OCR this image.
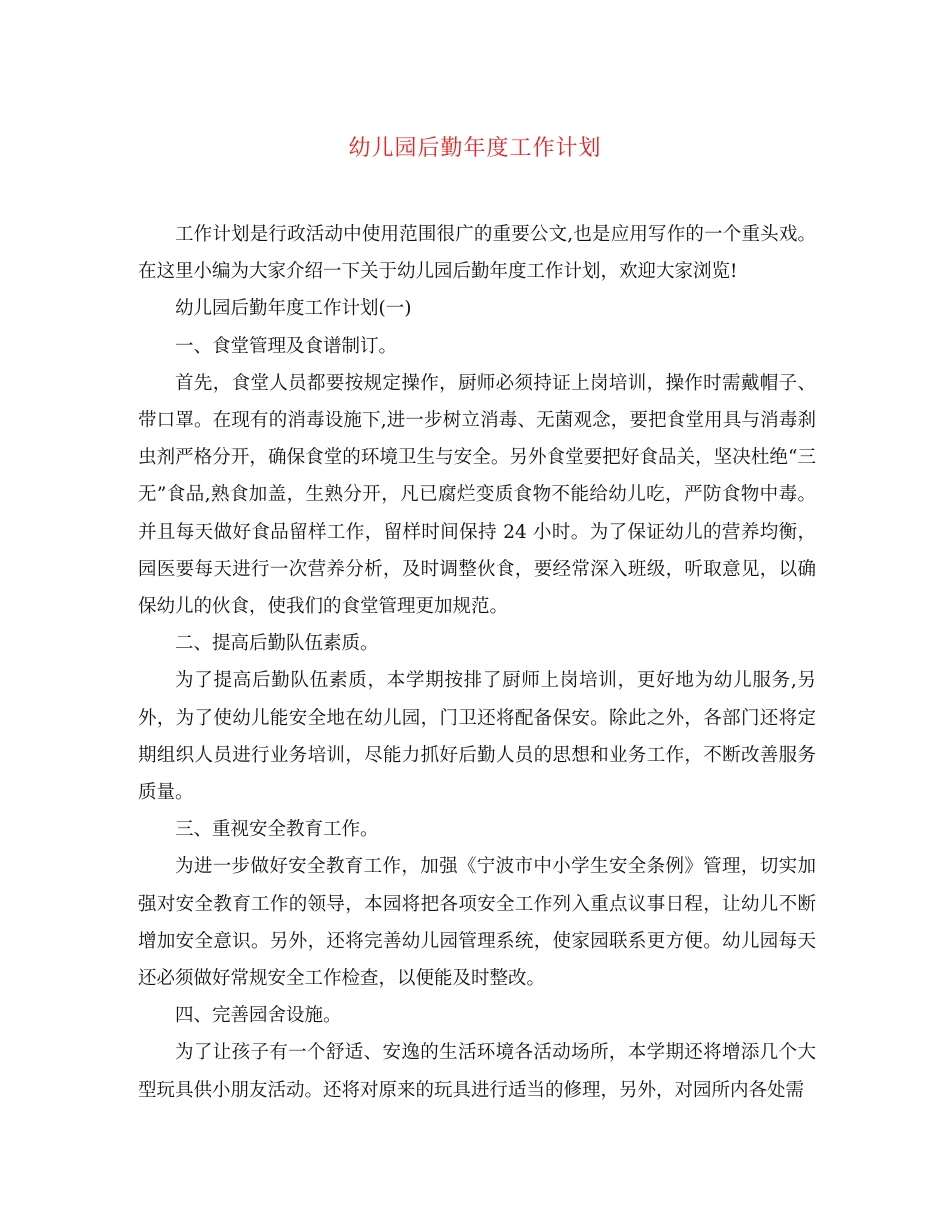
幼儿园后勤年度工作计划

工作计划是行政活动中使用范围很广的重要公文,也是应用写作的一个重头戏。在这里小编为大家介绍一下关于幼儿园后勤年度工作计划，欢迎大家浏览!

幼儿园后勤年度工作计划(一)

一、食堂管理及食谱制订。

首先，食堂人员都要按规定操作，厨师必须持证上岗培训，操作时需戴帽子、带口罩。在现有的消毒设施下,进一步树立消毒、无菌观念，要把食堂用具与消毒刹虫剂严格分开，确保食堂的环境卫生与安全。另外食堂要把好食品关，坚决杜绝“三无”食品,熟食加盖，生熟分开，凡已腐烂变质食物不能给幼儿吃，严防食物中毒。并且每天做好食品留样工作，留样时间保持 24 小时。为了保证幼儿的营养均衡，园医要每天进行一次营养分析，及时调整伙食，要经常深入班级，听取意见，以确保幼儿的伙食，使我们的食堂管理更加规范。

二、提高后勤队伍素质。

为了提高后勤队伍素质，本学期按排了厨师上岗培训，更好地为幼儿服务,另外，为了使幼儿能安全地在幼儿园，门卫还将配备保安。除此之外，各部门还将定期组织人员进行业务培训，尽能力抓好后勤人员的思想和业务工作，不断改善服务质量。

三、重视安全教育工作。

为进一步做好安全教育工作，加强《宁波市中小学生安全条例》管理，切实加强对安全教育工作的领导，本园将把各项安全工作列入重点议事日程，让幼儿不断增加安全意识。另外，还将完善幼儿园管理系统，使家园联系更方便。幼儿园每天还必须做好常规安全工作检查，以便能及时整改。

四、完善园舍设施。

为了让孩子有一个舒适、安逸的生活环境各活动场所，本学期还将增添几个大型玩具供小朋友活动。还将对原来的玩具进行适当的修理，另外，对园所内各处需
